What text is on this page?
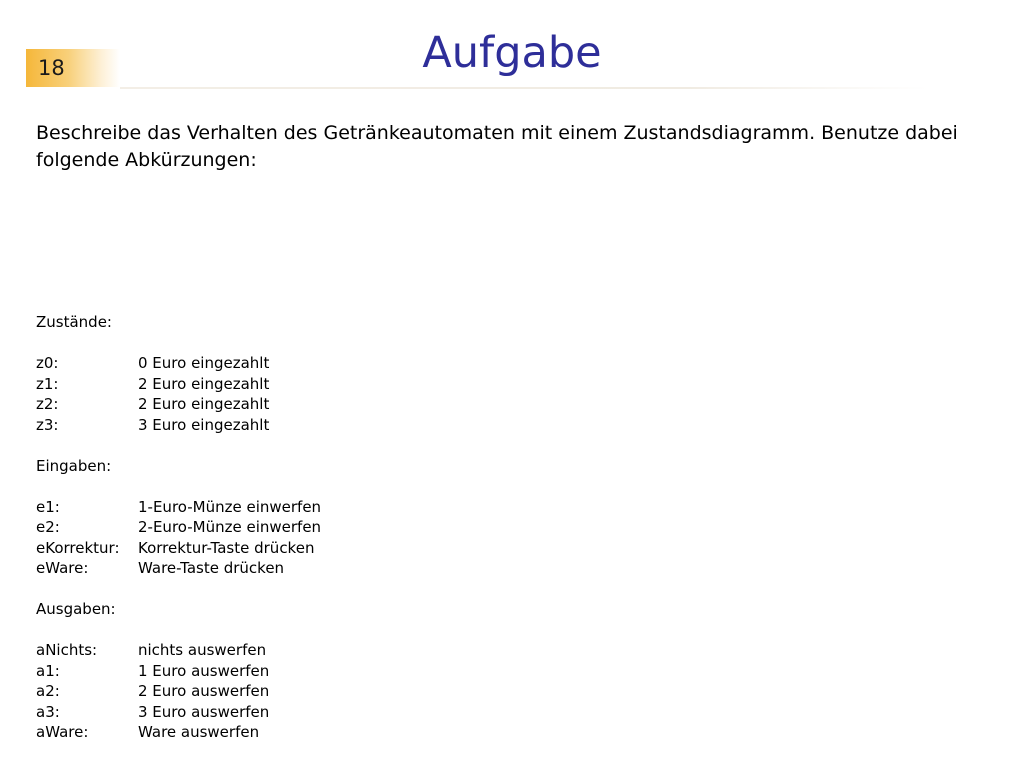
18	Aufgabe
Beschreibe das Verhalten des Getränkeautomaten mit einem Zustandsdiagramm. Benutze dabei folgende Abkürzungen:
Zustände:
z0:	0 Euro eingezahlt
z1:	2 Euro eingezahlt
z2:	2 Euro eingezahlt
z3:	3 Euro eingezahlt
Eingaben:
e1:	1-Euro-Münze einwerfen
e2:	2-Euro-Münze einwerfen
eKorrektur:	Korrektur-Taste drücken
eWare:	Ware-Taste drücken
Ausgaben:
aNichts:	nichts auswerfen
a1:	1 Euro auswerfen
a2:	2 Euro auswerfen
a3:	3 Euro auswerfen
aWare:	Ware auswerfen
